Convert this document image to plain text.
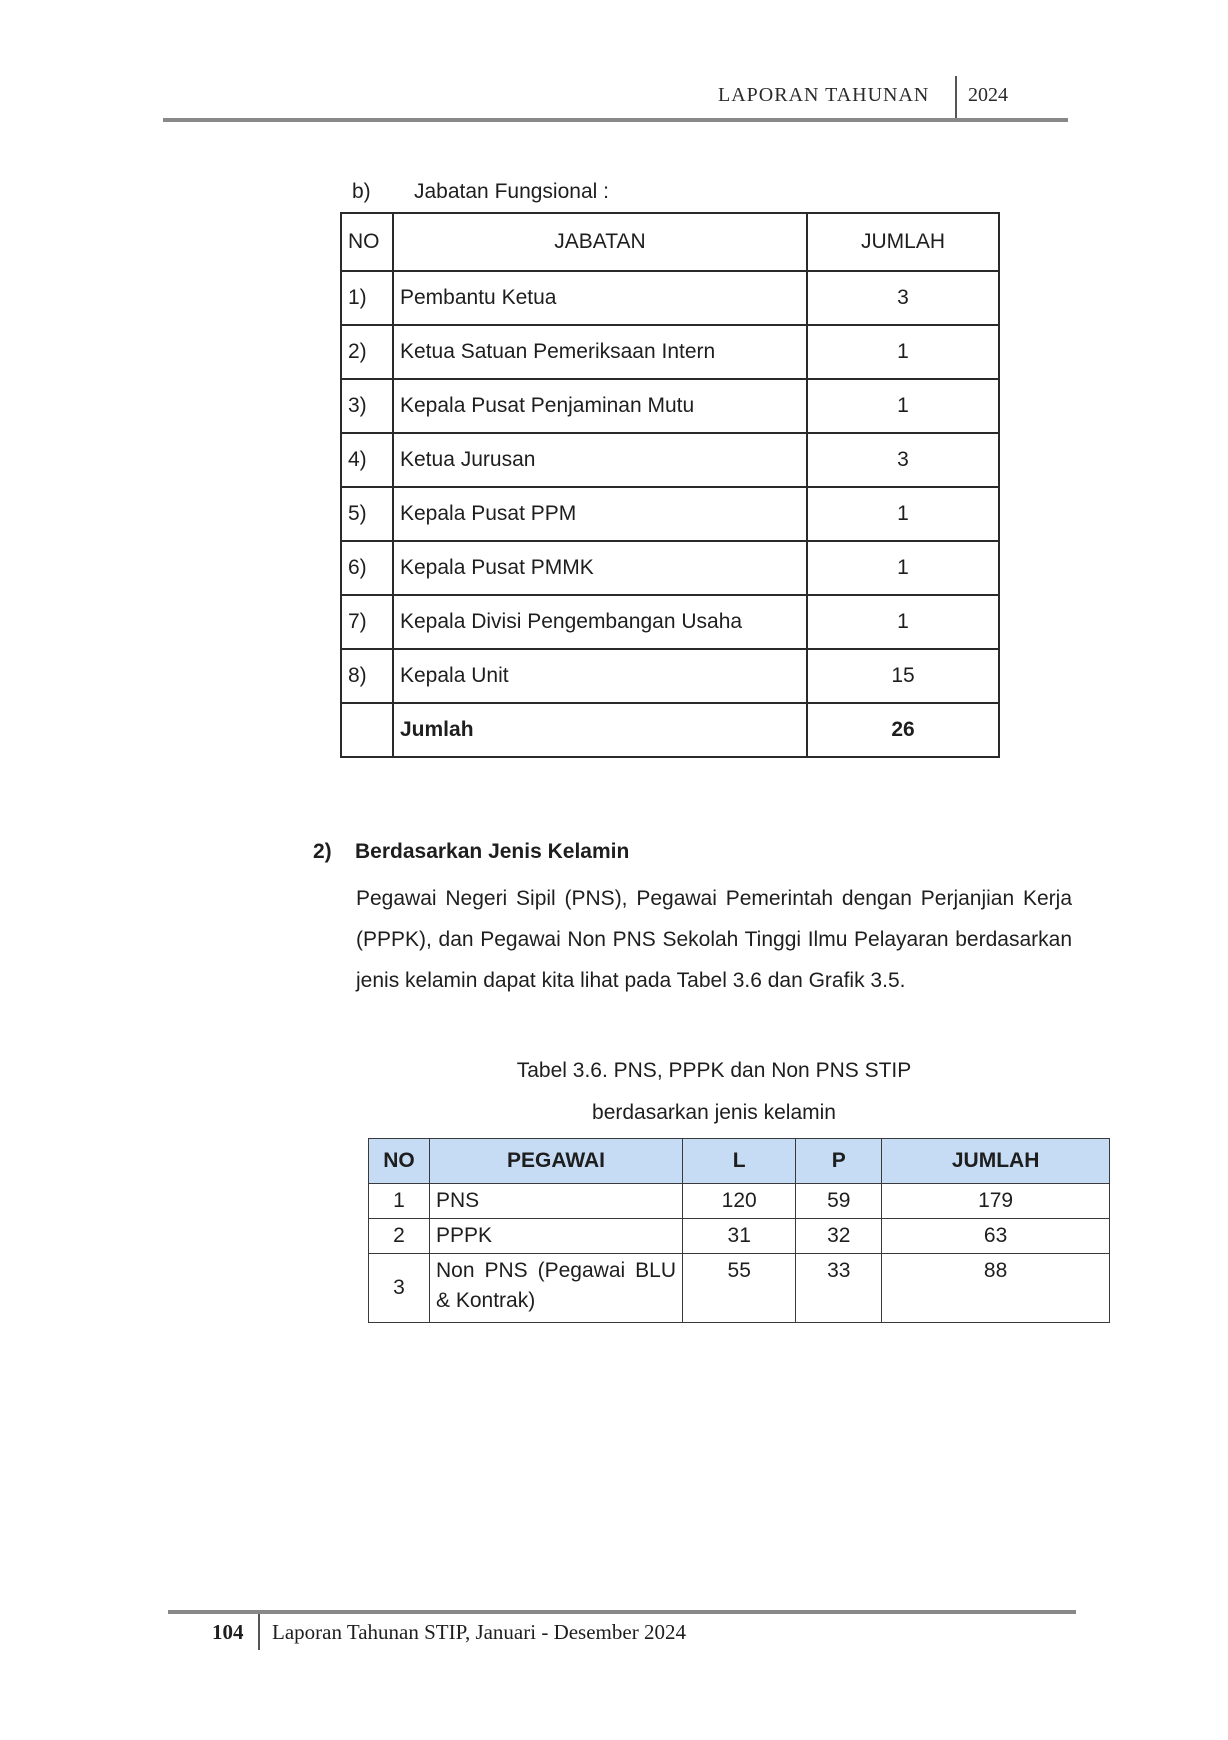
LAPORAN TAHUNAN 2024
b) Jabatan Fungsional :
NO	JABATAN	JUMLAH
1)	Pembantu Ketua	3
2)	Ketua Satuan Pemeriksaan Intern	1
3)	Kepala Pusat Penjaminan Mutu	1
4)	Ketua Jurusan	3
5)	Kepala Pusat PPM	1
6)	Kepala Pusat PMMK	1
7)	Kepala Divisi Pengembangan Usaha	1
8)	Kepala Unit	15
	Jumlah	26
2) Berdasarkan Jenis Kelamin

Pegawai Negeri Sipil (PNS), Pegawai Pemerintah dengan Perjanjian Kerja (PPPK), dan Pegawai Non PNS Sekolah Tinggi Ilmu Pelayaran berdasarkan jenis kelamin dapat kita lihat pada Tabel 3.6 dan Grafik 3.5.

Tabel 3.6. PNS, PPPK dan Non PNS STIP
berdasarkan jenis kelamin
NO	PEGAWAI	L	P	JUMLAH
1	PNS	120	59	179
2	PPPK	31	32	63
3	Non PNS (Pegawai BLU & Kontrak)	55	33	88
104 Laporan Tahunan STIP, Januari - Desember 2024
